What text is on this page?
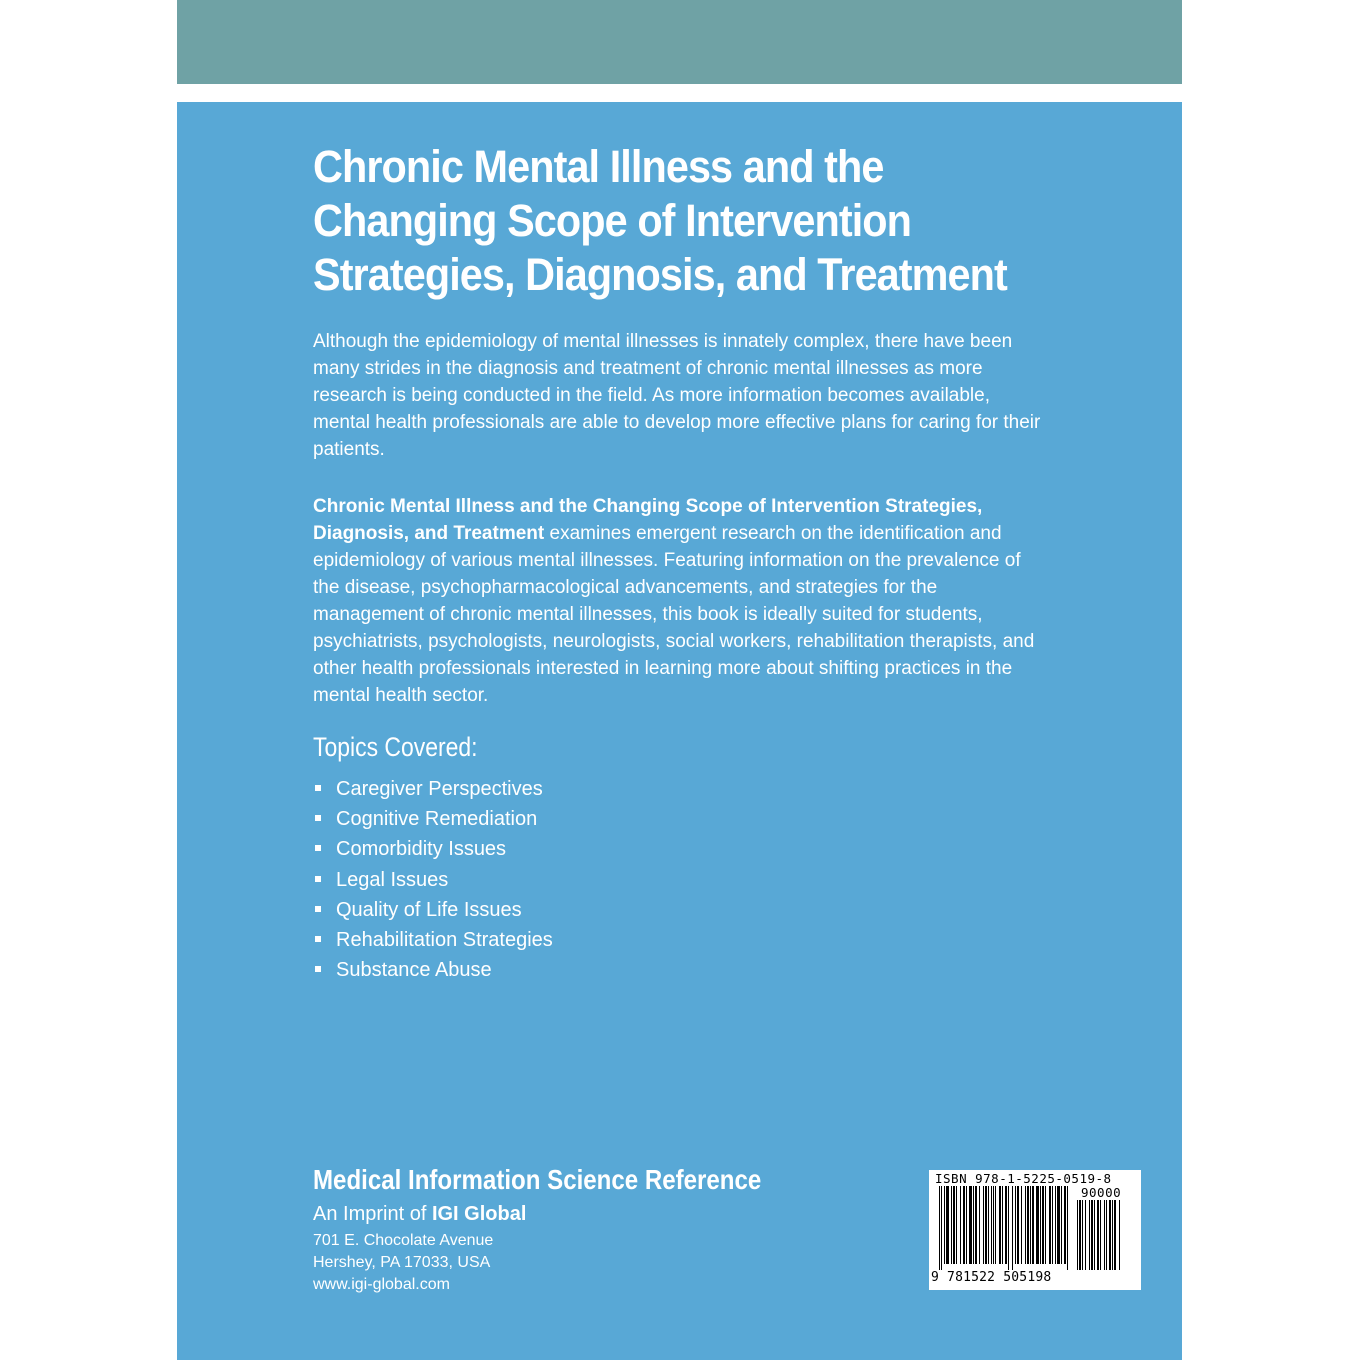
Chronic Mental Illness and the
Changing Scope of Intervention
Strategies, Diagnosis, and Treatment

Although the epidemiology of mental illnesses is innately complex, there have been many strides in the diagnosis and treatment of chronic mental illnesses as more research is being conducted in the field. As more information becomes available, mental health professionals are able to develop more effective plans for caring for their patients.

Chronic Mental Illness and the Changing Scope of Intervention Strategies, Diagnosis, and Treatment examines emergent research on the identification and epidemiology of various mental illnesses. Featuring information on the prevalence of the disease, psychopharmacological advancements, and strategies for the management of chronic mental illnesses, this book is ideally suited for students, psychiatrists, psychologists, neurologists, social workers, rehabilitation therapists, and other health professionals interested in learning more about shifting practices in the mental health sector.

Topics Covered:
Caregiver Perspectives
Cognitive Remediation
Comorbidity Issues
Legal Issues
Quality of Life Issues
Rehabilitation Strategies
Substance Abuse
Medical Information Science Reference
An Imprint of IGI Global
701 E. Chocolate Avenue
Hershey, PA 17033, USA
www.igi-global.com
ISBN 978-1-5225-0519-8
90000
9 781522 505198
